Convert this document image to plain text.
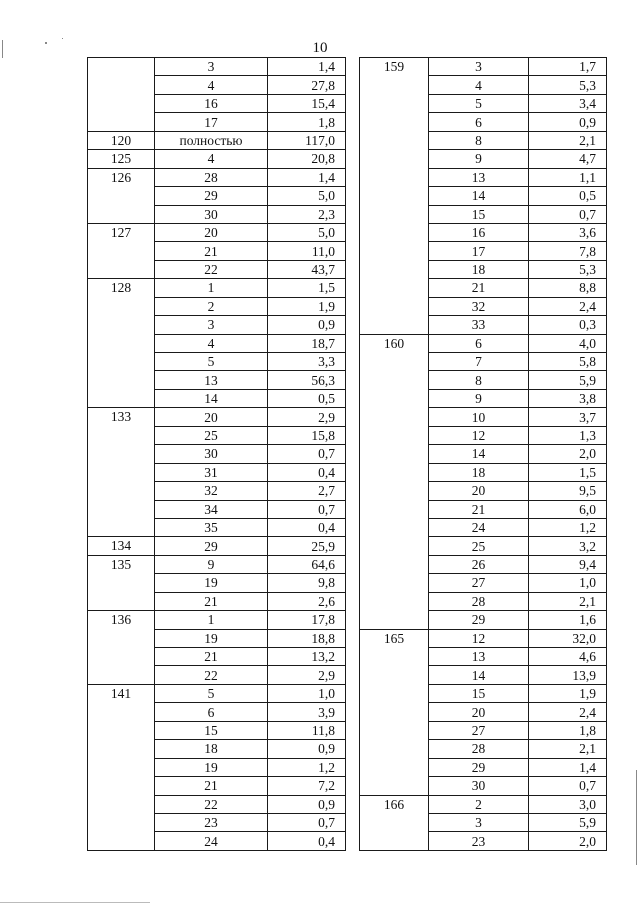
10
	3	1,4
	4	27,8
	16	15,4
	17	1,8
120	полностью	117,0
125	4	20,8
126	28	1,4
	29	5,0
	30	2,3
127	20	5,0
	21	11,0
	22	43,7
128	1	1,5
	2	1,9
	3	0,9
	4	18,7
	5	3,3
	13	56,3
	14	0,5
133	20	2,9
	25	15,8
	30	0,7
	31	0,4
	32	2,7
	34	0,7
	35	0,4
134	29	25,9
135	9	64,6
	19	9,8
	21	2,6
136	1	17,8
	19	18,8
	21	13,2
	22	2,9
141	5	1,0
	6	3,9
	15	11,8
	18	0,9
	19	1,2
	21	7,2
	22	0,9
	23	0,7
	24	0,4
159	3	1,7
	4	5,3
	5	3,4
	6	0,9
	8	2,1
	9	4,7
	13	1,1
	14	0,5
	15	0,7
	16	3,6
	17	7,8
	18	5,3
	21	8,8
	32	2,4
	33	0,3
160	6	4,0
	7	5,8
	8	5,9
	9	3,8
	10	3,7
	12	1,3
	14	2,0
	18	1,5
	20	9,5
	21	6,0
	24	1,2
	25	3,2
	26	9,4
	27	1,0
	28	2,1
	29	1,6
165	12	32,0
	13	4,6
	14	13,9
	15	1,9
	20	2,4
	27	1,8
	28	2,1
	29	1,4
	30	0,7
166	2	3,0
	3	5,9
	23	2,0
